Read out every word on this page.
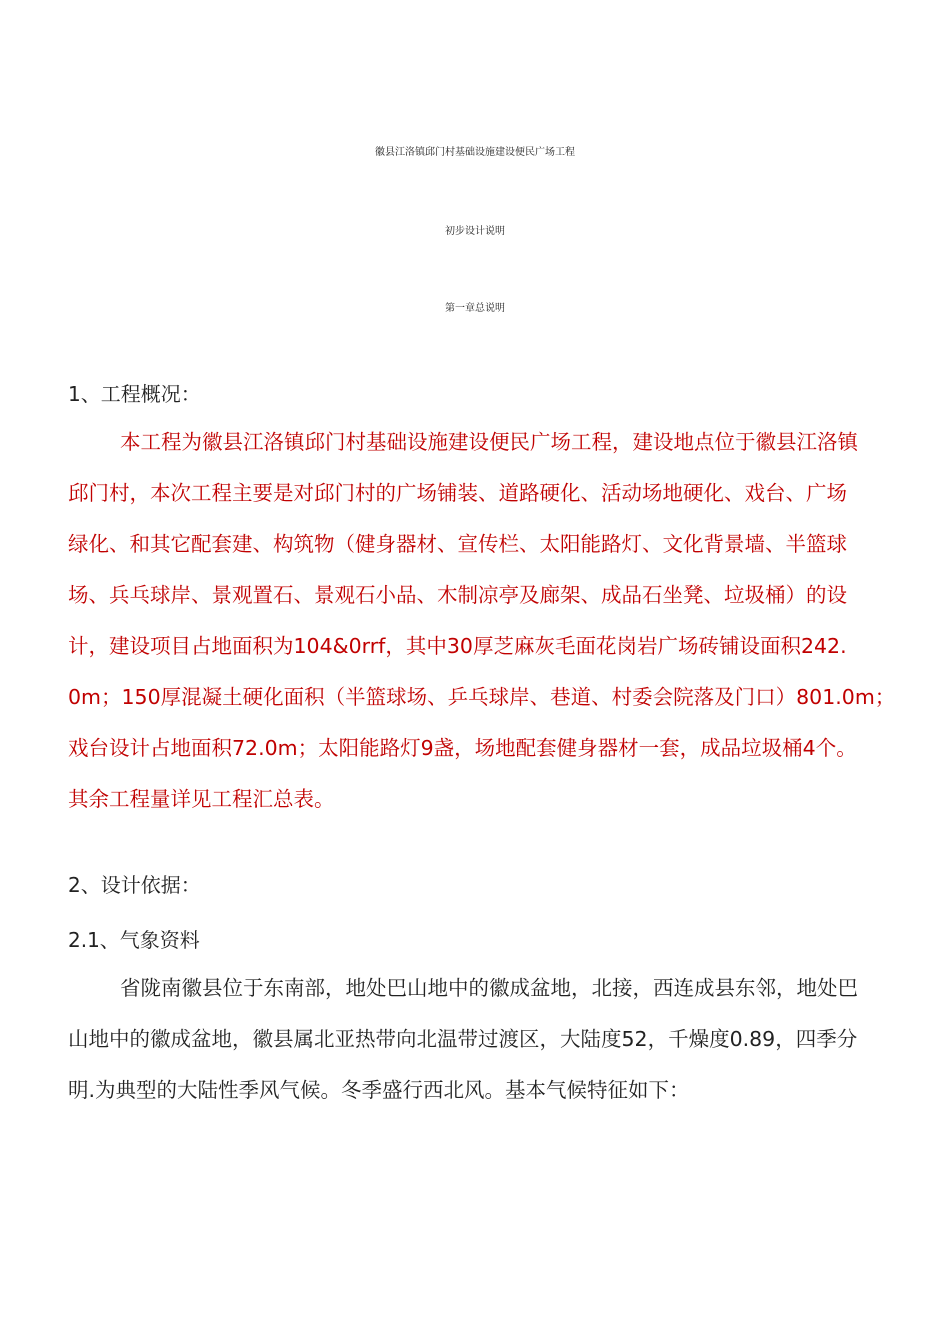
徽县江洛镇邱门村基础设施建设便民广场工程
初步设计说明
第一章总说明
1、工程概况：
本工程为徽县江洛镇邱门村基础设施建设便民广场工程，建设地点位于徽县江洛镇
邱门村，本次工程主要是对邱门村的广场铺装、道路硬化、活动场地硬化、戏台、广场
绿化、和其它配套建、构筑物（健身器材、宣传栏、太阳能路灯、文化背景墙、半篮球
场、兵乓球岸、景观置石、景观石小品、木制凉亭及廊架、成品石坐凳、垃圾桶）的设
计，建设项目占地面积为104&0rrf，其中30厚芝麻灰毛面花岗岩广场砖铺设面积242.
0m；150厚混凝土硬化面积（半篮球场、乒乓球岸、巷道、村委会院落及门口）801.0m；
戏台设计占地面积72.0m；太阳能路灯9盏，场地配套健身器材一套，成品垃圾桶4个。
其余工程量详见工程汇总表。
2、设计依据：
2.1、气象资料
省陇南徽县位于东南部，地处巴山地中的徽成盆地，北接，西连成县东邻，地处巴
山地中的徽成盆地，徽县属北亚热带向北温带过渡区，大陆度52，千燥度0.89，四季分
明.为典型的大陆性季风气候。冬季盛行西北风。基本气候特征如下：
